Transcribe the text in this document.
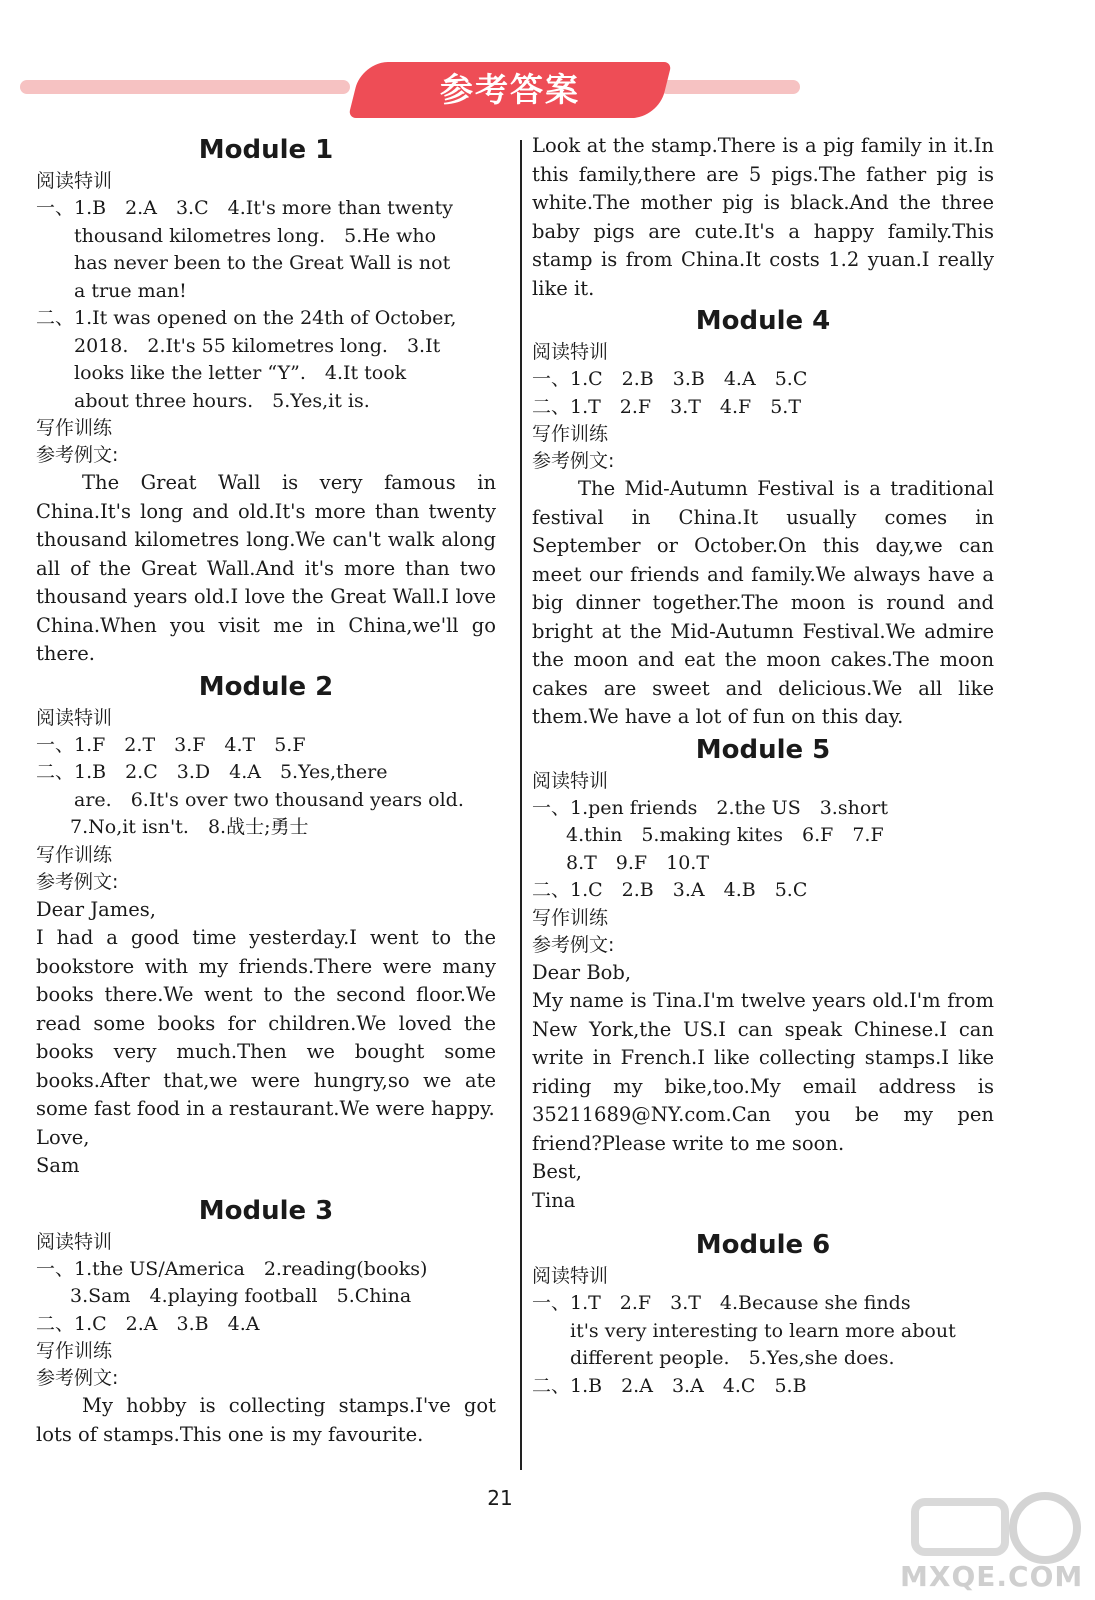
参考答案

Module 1

阅读特训

一、1.B　2.A　3.C　4.It's more than twenty

thousand kilometres long.　5.He who

has never been to the Great Wall is not

a true man!

二、1.It was opened on the 24th of October,

2018.　2.It's 55 kilometres long.　3.It

looks like the letter “Y”.　4.It took

about three hours.　5.Yes,it is.

写作训练

参考例文:

The Great Wall is very famous in China.It's long and old.It's more than twenty thousand kilometres long.We can't walk along all of the Great Wall.And it's more than two thousand years old.I love the Great Wall.I love China.When you visit me in China,we'll go there.

Module 2

阅读特训

一、1.F　2.T　3.F　4.T　5.F

二、1.B　2.C　3.D　4.A　5.Yes,there

are.　6.It's over two thousand years old.

7.No,it isn't.　8.战士;勇士

写作训练

参考例文:

Dear James,

I had a good time yesterday.I went to the bookstore with my friends.There were many books there.We went to the second floor.We read some books for children.We loved the books very much.Then we bought some books.After that,we were hungry,so we ate some fast food in a restaurant.We were happy.

Love,

Sam

Module 3

阅读特训

一、1.the US/America　2.reading(books)

3.Sam　4.playing football　5.China

二、1.C　2.A　3.B　4.A

写作训练

参考例文:

My hobby is collecting stamps.I've got lots of stamps.This one is my favourite.

Look at the stamp.There is a pig family in it.In this family,there are 5 pigs.The father pig is white.The mother pig is black.And the three baby pigs are cute.It's a happy family.This stamp is from China.It costs 1.2 yuan.I really like it.

Module 4

阅读特训

一、1.C　2.B　3.B　4.A　5.C

二、1.T　2.F　3.T　4.F　5.T

写作训练

参考例文:

The Mid-Autumn Festival is a traditional festival in China.It usually comes in September or October.On this day,we can meet our friends and family.We always have a big dinner together.The moon is round and bright at the Mid-Autumn Festival.We admire the moon and eat the moon cakes.The moon cakes are sweet and delicious.We all like them.We have a lot of fun on this day.

Module 5

阅读特训

一、1.pen friends　2.the US　3.short

4.thin　5.making kites　6.F　7.F

8.T　9.F　10.T

二、1.C　2.B　3.A　4.B　5.C

写作训练

参考例文:

Dear Bob,

My name is Tina.I'm twelve years old.I'm from New York,the US.I can speak Chinese.I can write in French.I like collecting stamps.I like riding my bike,too.My email address is 35211689@NY.com.Can you be my pen friend?Please write to me soon.

Best,

Tina

Module 6

阅读特训

一、1.T　2.F　3.T　4.Because she finds

it's very interesting to learn more about

different people.　5.Yes,she does.

二、1.B　2.A　3.A　4.C　5.B

21
MXQE.COM
